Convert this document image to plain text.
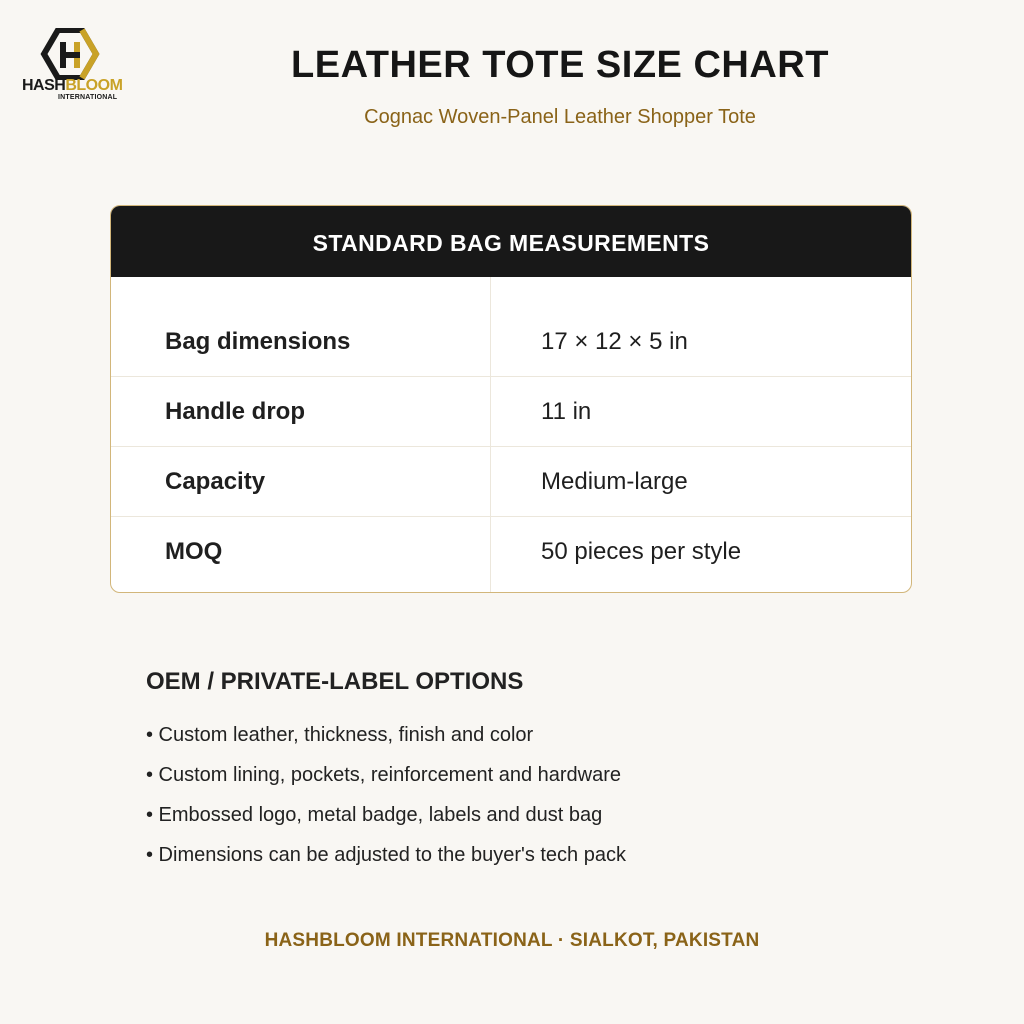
HASHBLOOM
INTERNATIONAL
LEATHER TOTE SIZE CHART
Cognac Woven-Panel Leather Shopper Tote
STANDARD BAG MEASUREMENTS
Bag dimensions	17 × 12 × 5 in
Handle drop	11 in
Capacity	Medium-large
MOQ	50 pieces per style
OEM / PRIVATE-LABEL OPTIONS
• Custom leather, thickness, finish and color
• Custom lining, pockets, reinforcement and hardware
• Embossed logo, metal badge, labels and dust bag
• Dimensions can be adjusted to the buyer's tech pack
HASHBLOOM INTERNATIONAL · SIALKOT, PAKISTAN
